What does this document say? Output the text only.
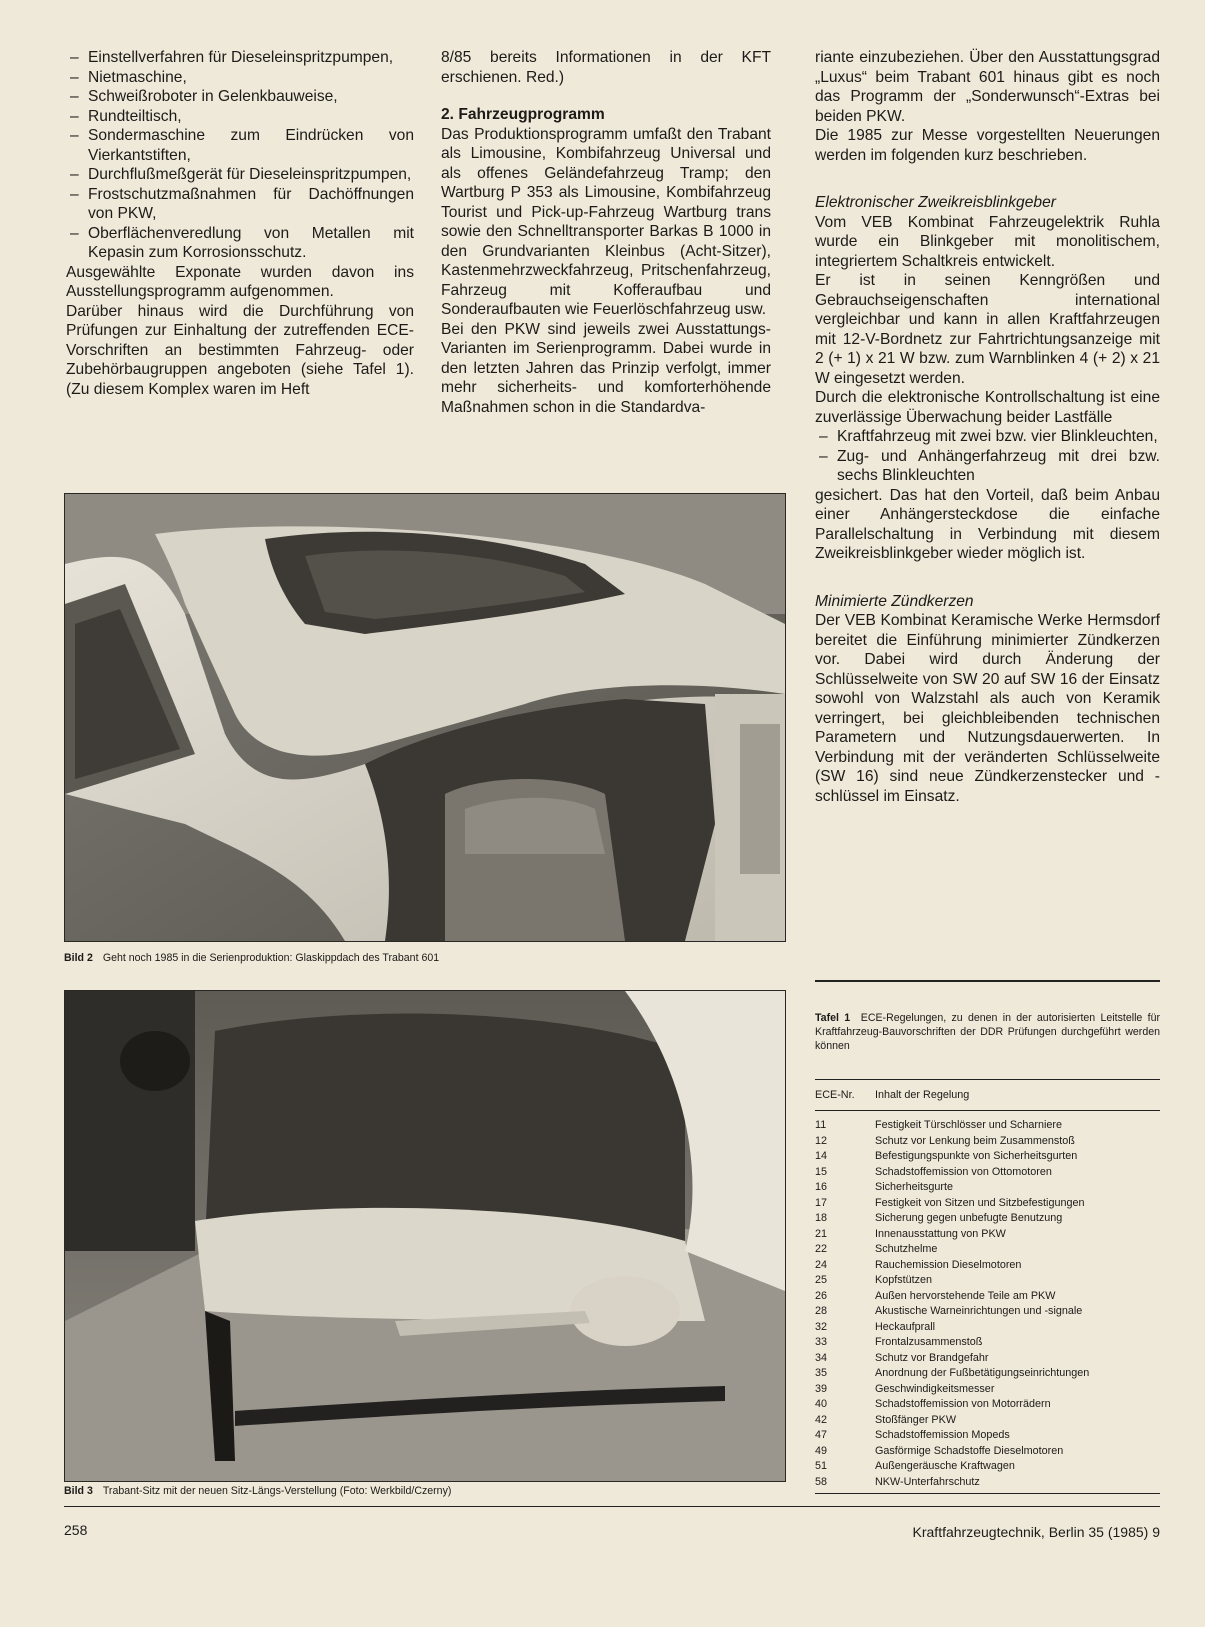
– Einstellverfahren für Dieseleinspritzpumpen,
– Nietmaschine,
– Schweißroboter in Gelenkbauweise,
– Rundteiltisch,
– Sondermaschine zum Eindrücken von Vierkantstiften,
– Durchflußmeßgerät für Dieseleinspritzpumpen,
– Frostschutzmaßnahmen für Dachöffnungen von PKW,
– Oberflächenveredlung von Metallen mit Kepasin zum Korrosionsschutz.

Ausgewählte Exponate wurden davon ins Ausstellungsprogramm aufgenommen.

Darüber hinaus wird die Durchführung von Prüfungen zur Einhaltung der zutreffenden ECE-Vorschriften an bestimmten Fahrzeug- oder Zubehörbaugruppen angeboten (siehe Tafel 1). (Zu diesem Komplex waren im Heft

8/85 bereits Informationen in der KFT erschienen. Red.)

2. Fahrzeugprogramm

Das Produktionsprogramm umfaßt den Trabant als Limousine, Kombifahrzeug Universal und als offenes Geländefahrzeug Tramp; den Wartburg P 353 als Limousine, Kombifahrzeug Tourist und Pick-up-Fahrzeug Wartburg trans sowie den Schnelltransporter Barkas B 1000 in den Grundvarianten Kleinbus (Acht-Sitzer), Kastenmehrzweckfahrzeug, Pritschenfahrzeug, Fahrzeug mit Kofferaufbau und Sonderaufbauten wie Feuerlöschfahrzeug usw.

Bei den PKW sind jeweils zwei Ausstattungs-Varianten im Serienprogramm. Dabei wurde in den letzten Jahren das Prinzip verfolgt, immer mehr sicherheits- und komforterhöhende Maßnahmen schon in die Standardva-

riante einzubeziehen. Über den Ausstattungsgrad „Luxus“ beim Trabant 601 hinaus gibt es noch das Programm der „Sonderwunsch“-Extras bei beiden PKW.

Die 1985 zur Messe vorgestellten Neuerungen werden im folgenden kurz beschrieben.

Elektronischer Zweikreisblinkgeber

Vom VEB Kombinat Fahrzeugelektrik Ruhla wurde ein Blinkgeber mit monolitischem, integriertem Schaltkreis entwickelt.

Er ist in seinen Kenngrößen und Gebrauchseigenschaften international vergleichbar und kann in allen Kraftfahrzeugen mit 12-V-Bordnetz zur Fahrtrichtungsanzeige mit 2 (+ 1) x 21 W bzw. zum Warnblinken 4 (+ 2) x 21 W eingesetzt werden.

Durch die elektronische Kontrollschaltung ist eine zuverlässige Überwachung beider Lastfälle

– Kraftfahrzeug mit zwei bzw. vier Blinkleuchten,
– Zug- und Anhängerfahrzeug mit drei bzw. sechs Blinkleuchten

gesichert. Das hat den Vorteil, daß beim Anbau einer Anhängersteckdose die einfache Parallelschaltung in Verbindung mit diesem Zweikreisblinkgeber wieder möglich ist.

Minimierte Zündkerzen

Der VEB Kombinat Keramische Werke Hermsdorf bereitet die Einführung minimierter Zündkerzen vor. Dabei wird durch Änderung der Schlüsselweite von SW 20 auf SW 16 der Einsatz sowohl von Walzstahl als auch von Keramik verringert, bei gleichbleibenden technischen Parametern und Nutzungsdauerwerten. In Verbindung mit der veränderten Schlüsselweite (SW 16) sind neue Zündkerzenstecker und -schlüssel im Einsatz.

Bild 2 Geht noch 1985 in die Serienproduktion: Glaskippdach des Trabant 601
Bild 3 Trabant-Sitz mit der neuen Sitz-Längs-Verstellung (Foto: Werkbild/Czerny)
Tafel 1 ECE-Regelungen, zu denen in der autorisierten Leitstelle für Kraftfahrzeug-Bauvorschriften der DDR Prüfungen durchgeführt werden können
ECE-Nr.	Inhalt der Regelung
11	Festigkeit Türschlösser und Scharniere
12	Schutz vor Lenkung beim Zusammenstoß
14	Befestigungspunkte von Sicherheitsgurten
15	Schadstoffemission von Ottomotoren
16	Sicherheitsgurte
17	Festigkeit von Sitzen und Sitzbefestigungen
18	Sicherung gegen unbefugte Benutzung
21	Innenausstattung von PKW
22	Schutzhelme
24	Rauchemission Dieselmotoren
25	Kopfstützen
26	Außen hervorstehende Teile am PKW
28	Akustische Warneinrichtungen und -signale
32	Heckaufprall
33	Frontalzusammenstoß
34	Schutz vor Brandgefahr
35	Anordnung der Fußbetätigungseinrichtungen
39	Geschwindigkeitsmesser
40	Schadstoffemission von Motorrädern
42	Stoßfänger PKW
47	Schadstoffemission Mopeds
49	Gasförmige Schadstoffe Dieselmotoren
51	Außengeräusche Kraftwagen
58	NKW-Unterfahrschutz
258	Kraftfahrzeugtechnik, Berlin 35 (1985) 9
